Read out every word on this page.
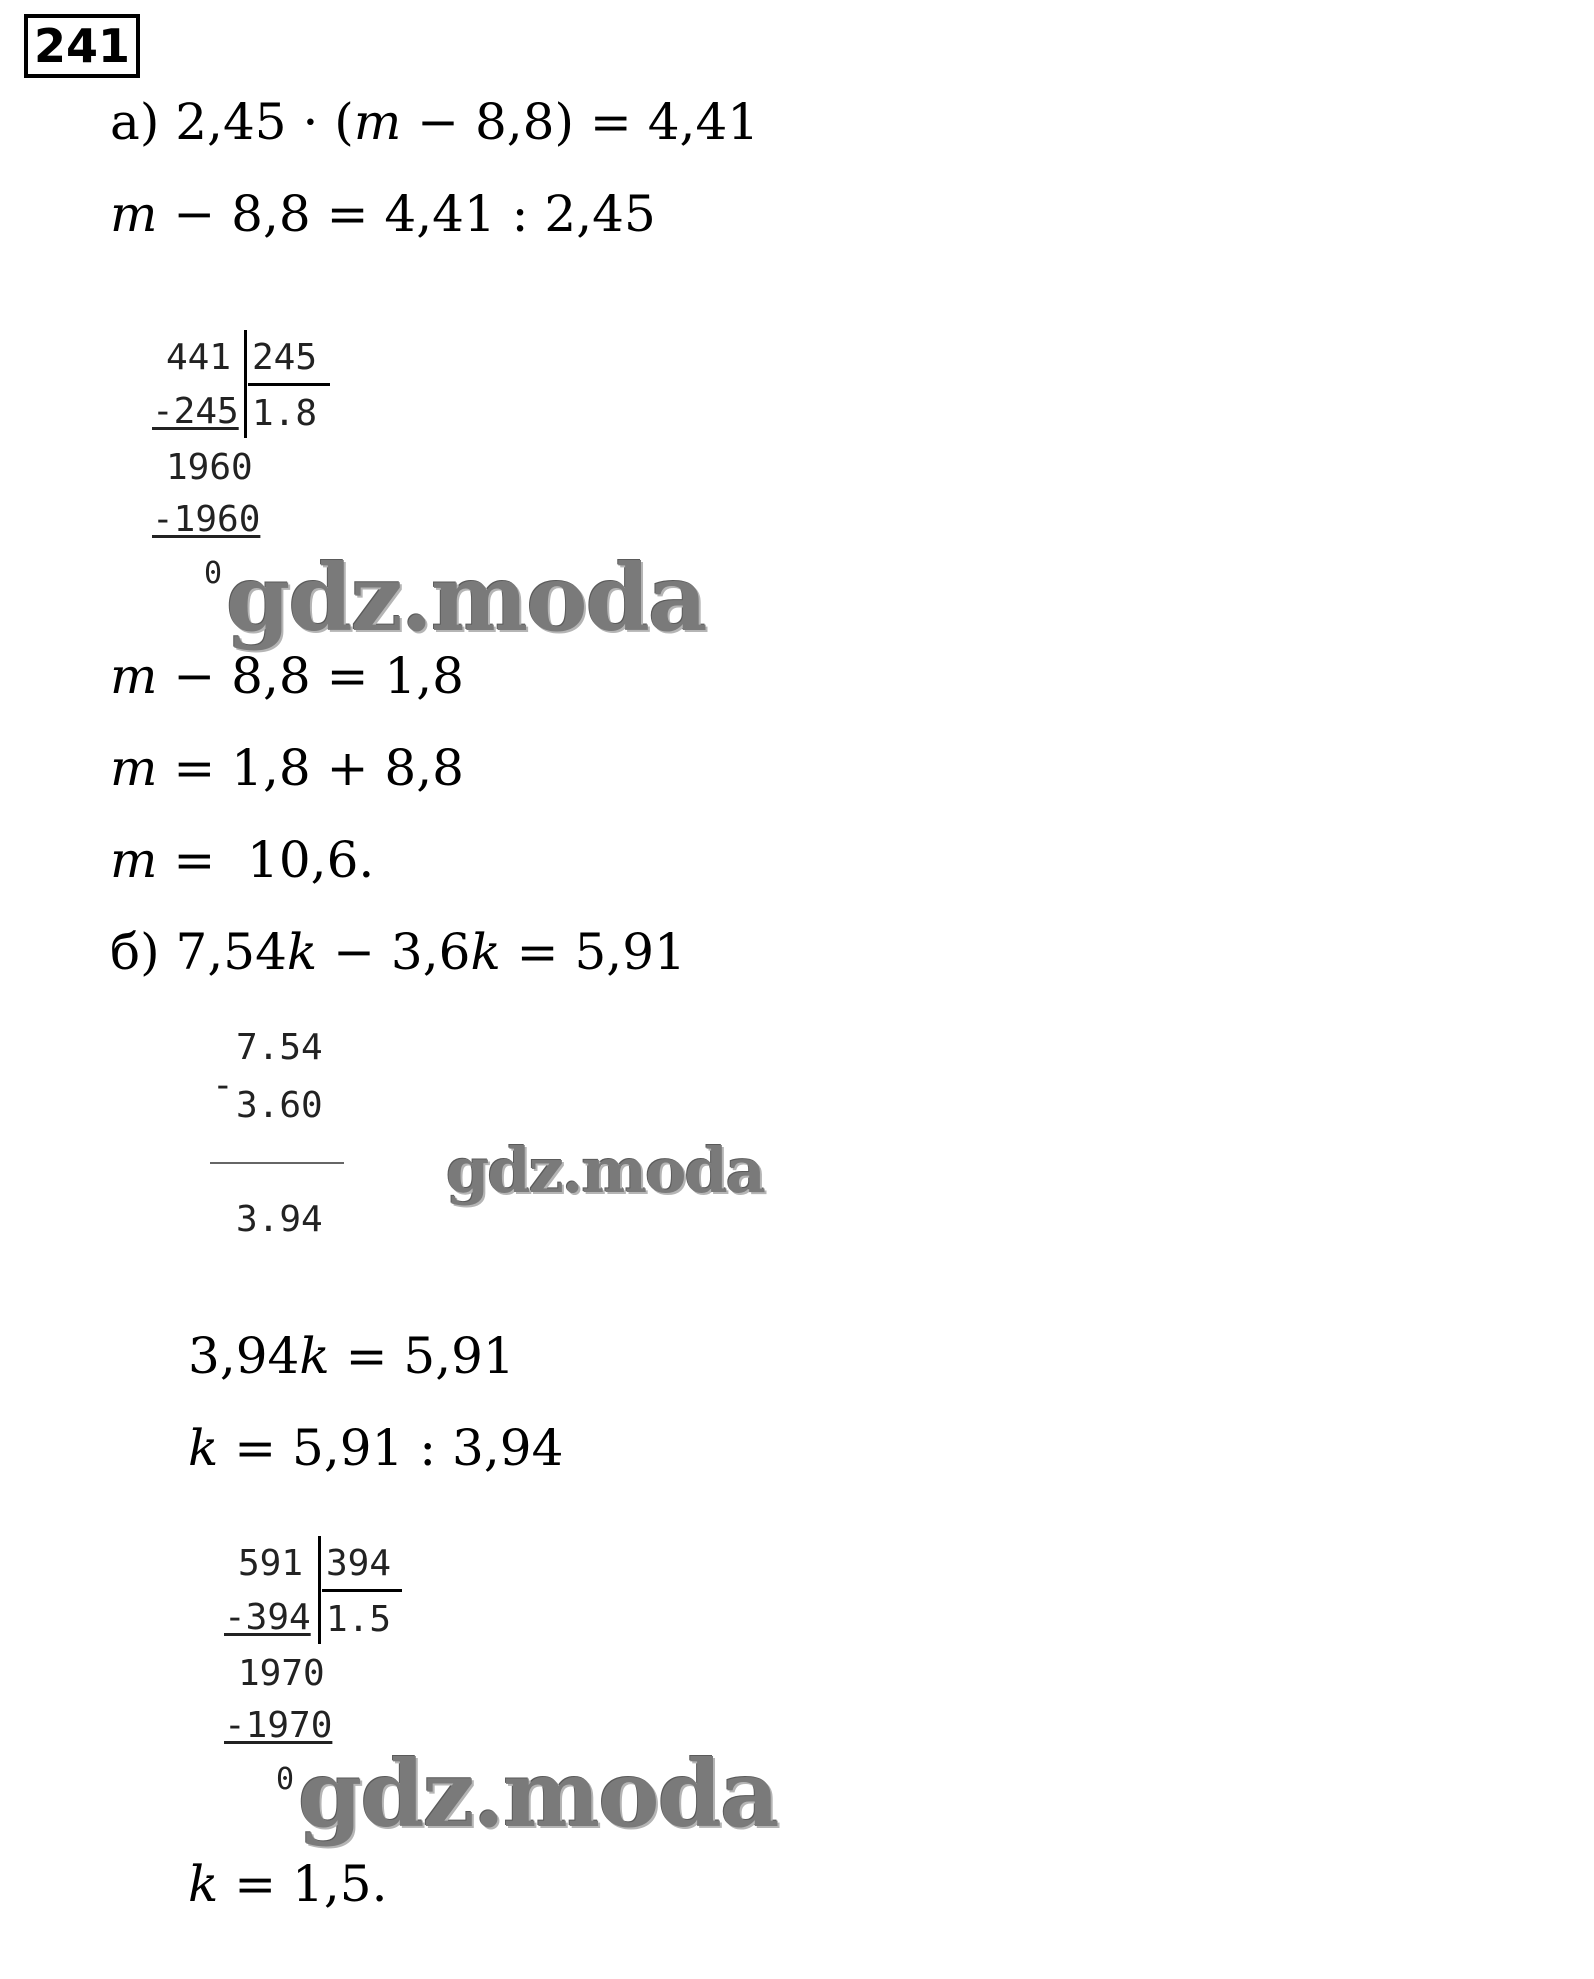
241
а) 2,45 · (m − 8,8) = 4,41
m − 8,8 = 4,41 : 2,45
441 245
-245 1.8
1960
-1960
0 gdz.moda
m − 8,8 = 1,8
m = 1,8 + 8,8
m = 10,6.
б) 7,54k − 3,6k = 5,91
-
7.54
3.60
3.94
gdz.moda
3,94k = 5,91
k = 5,91 : 3,94
591 394
-394 1.5
1970
-1970
0 gdz.moda
k = 1,5.
